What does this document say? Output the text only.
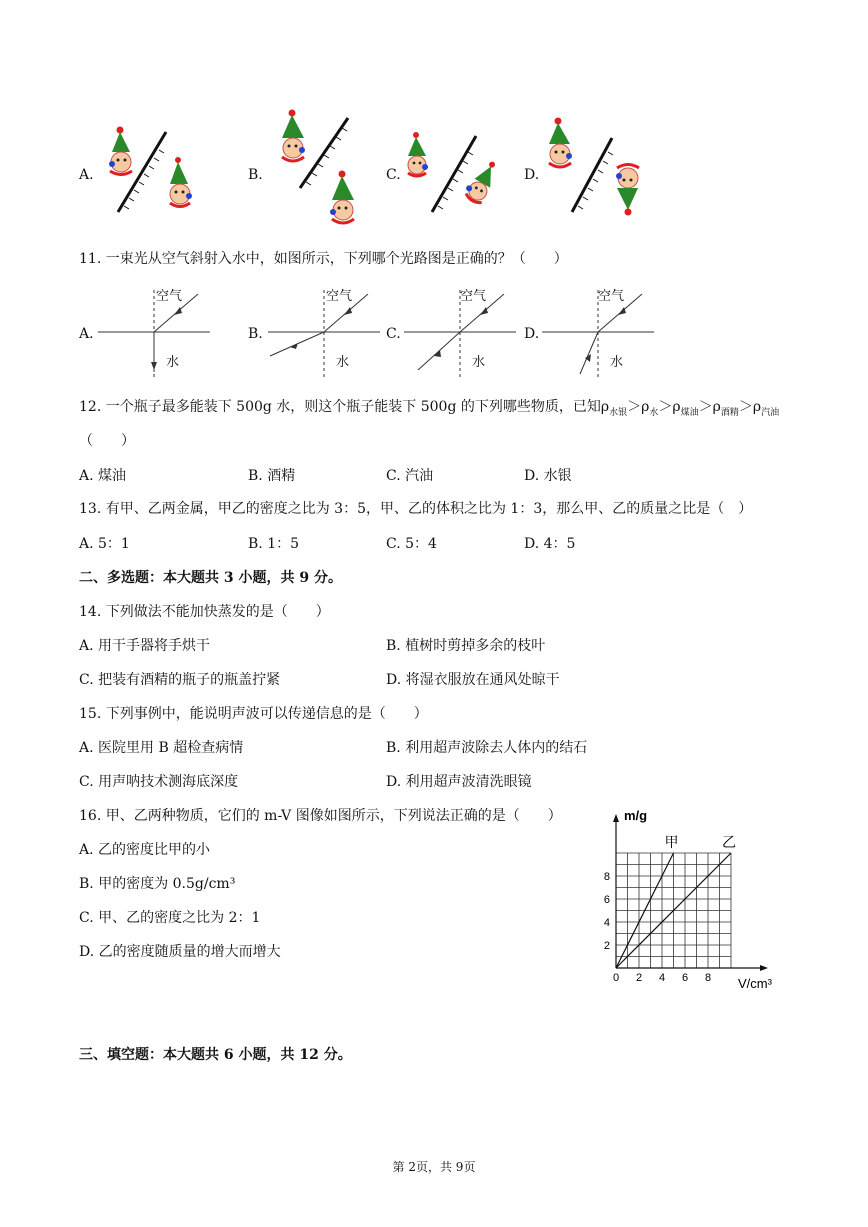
A.	B.	C.	D.
11. 一束光从空气斜射入水中，如图所示，下列哪个光路图是正确的？（　　）
A.	B.	C.	D.
空气
水
空气
水
空气
水
空气
水
12. 一个瓶子最多能装下 500g 水，则这个瓶子能装下 500g 的下列哪些物质，已知$\rho_{水银}>\rho_水>\rho_{煤油}>\rho_{酒精}>\rho_{汽油}$
（　　）
A. 煤油	B. 酒精	C. 汽油	D. 水银
13. 有甲、乙两金属，甲乙的密度之比为 3：5，甲、乙的体积之比为 1：3，那么甲、乙的质量之比是（　）
A. 5：1	B. 1：5	C. 5：4	D. 4：5
二、多选题：本大题共 3 小题，共 9 分。
14. 下列做法不能加快蒸发的是（　　）
A. 用干手器将手烘干	B. 植树时剪掉多余的枝叶
C. 把装有酒精的瓶子的瓶盖拧紧	D. 将湿衣服放在通风处晾干
15. 下列事例中，能说明声波可以传递信息的是（　　）
A. 医院里用 B 超检查病情	B. 利用超声波除去人体内的结石
C. 用声呐技术测海底深度	D. 利用超声波清洗眼镜
16. 甲、乙两种物质，它们的 m-V 图像如图所示，下列说法正确的是（　　）
A. 乙的密度比甲的小
B. 甲的密度为 0.5g/cm³
C. 甲、乙的密度之比为 2：1
D. 乙的密度随质量的增大而增大
0 2 4 6 8
2
4
6
8
甲	乙
m/g
V/cm³
三、填空题：本大题共 6 小题，共 12 分。
第 2页，共 9页
